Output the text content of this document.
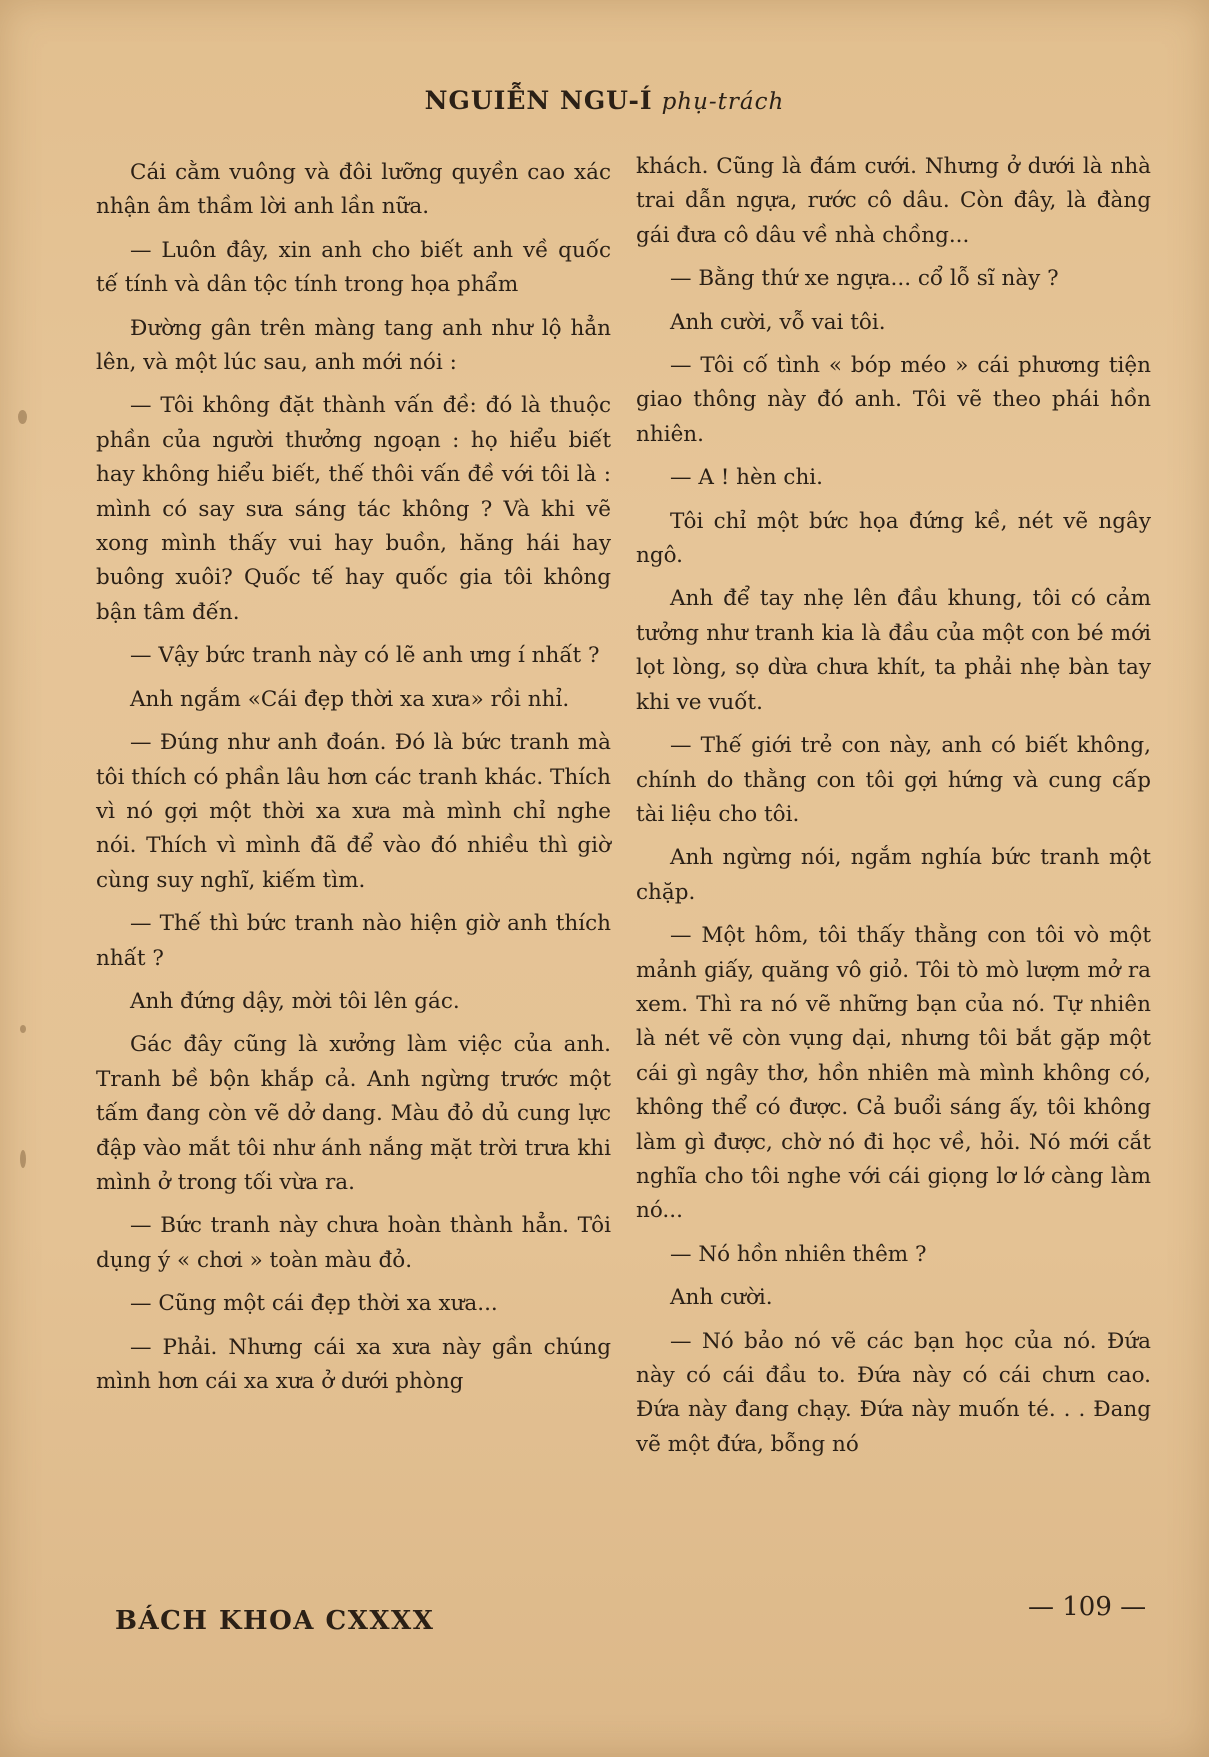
NGUIỄN NGU-Í phụ-trách

Cái cằm vuông và đôi lưỡng quyền cao xác nhận âm thầm lời anh lần nữa.

— Luôn đây, xin anh cho biết anh về quốc tế tính và dân tộc tính trong họa phẩm

Đường gân trên màng tang anh như lộ hẳn lên, và một lúc sau, anh mới nói :

— Tôi không đặt thành vấn đề: đó là thuộc phần của người thưởng ngoạn : họ hiểu biết hay không hiểu biết, thế thôi vấn đề với tôi là : mình có say sưa sáng tác không ? Và khi vẽ xong mình thấy vui hay buồn, hăng hái hay buông xuôi? Quốc tế hay quốc gia tôi không bận tâm đến.

— Vậy bức tranh này có lẽ anh ưng í nhất ?

Anh ngắm «Cái đẹp thời xa xưa» rồi nhỉ.

— Đúng như anh đoán. Đó là bức tranh mà tôi thích có phần lâu hơn các tranh khác. Thích vì nó gợi một thời xa xưa mà mình chỉ nghe nói. Thích vì mình đã để vào đó nhiều thì giờ cùng suy nghĩ, kiếm tìm.

— Thế thì bức tranh nào hiện giờ anh thích nhất ?

Anh đứng dậy, mời tôi lên gác.

Gác đây cũng là xưởng làm việc của anh. Tranh bề bộn khắp cả. Anh ngừng trước một tấm đang còn vẽ dở dang. Màu đỏ dủ cung lực đập vào mắt tôi như ánh nắng mặt trời trưa khi mình ở trong tối vừa ra.

— Bức tranh này chưa hoàn thành hẳn. Tôi dụng ý « chơi » toàn màu đỏ.

— Cũng một cái đẹp thời xa xưa...

— Phải. Nhưng cái xa xưa này gần chúng mình hơn cái xa xưa ở dưới phòng

khách. Cũng là đám cưới. Nhưng ở dưới là nhà trai dẫn ngựa, rước cô dâu. Còn đây, là đàng gái đưa cô dâu về nhà chồng...

— Bằng thứ xe ngựa... cổ lỗ sĩ này ?

Anh cười, vỗ vai tôi.

— Tôi cố tình « bóp méo » cái phương tiện giao thông này đó anh. Tôi vẽ theo phái hồn nhiên.

— A ! hèn chi.

Tôi chỉ một bức họa đứng kề, nét vẽ ngây ngô.

Anh để tay nhẹ lên đầu khung, tôi có cảm tưởng như tranh kia là đầu của một con bé mới lọt lòng, sọ dừa chưa khít, ta phải nhẹ bàn tay khi ve vuốt.

— Thế giới trẻ con này, anh có biết không, chính do thằng con tôi gợi hứng và cung cấp tài liệu cho tôi.

Anh ngừng nói, ngắm nghía bức tranh một chặp.

— Một hôm, tôi thấy thằng con tôi vò một mảnh giấy, quăng vô giỏ. Tôi tò mò lượm mở ra xem. Thì ra nó vẽ những bạn của nó. Tự nhiên là nét vẽ còn vụng dại, nhưng tôi bắt gặp một cái gì ngây thơ, hồn nhiên mà mình không có, không thể có được. Cả buổi sáng ấy, tôi không làm gì được, chờ nó đi học về, hỏi. Nó mới cắt nghĩa cho tôi nghe với cái giọng lơ lớ càng làm nó...

— Nó hồn nhiên thêm ?

Anh cười.

— Nó bảo nó vẽ các bạn học của nó. Đứa này có cái đầu to. Đứa này có cái chưn cao. Đứa này đang chạy. Đứa này muốn té. . . Đang vẽ một đứa, bỗng nó

BÁCH KHOA CXXXX	— 109 —
